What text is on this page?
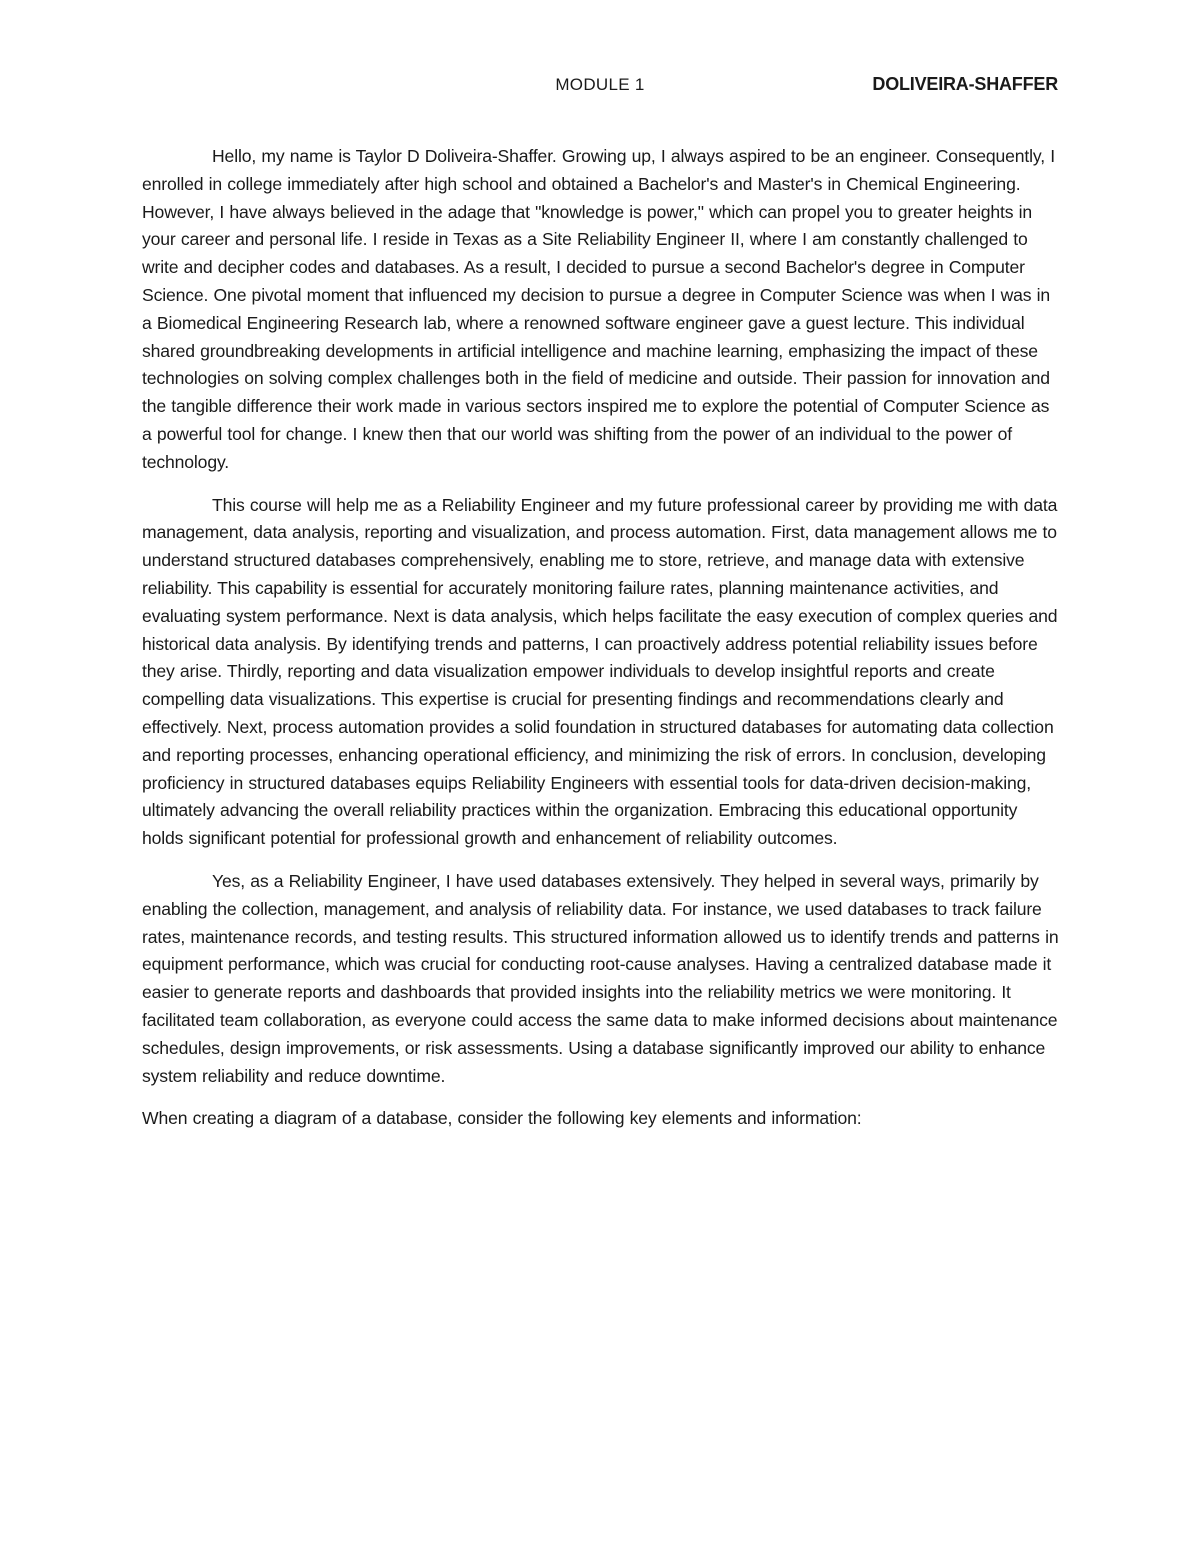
MODULE 1	DOLIVEIRA-SHAFFER

Hello, my name is Taylor D Doliveira-Shaffer. Growing up, I always aspired to be an engineer. Consequently, I enrolled in college immediately after high school and obtained a Bachelor's and Master's in Chemical Engineering. However, I have always believed in the adage that "knowledge is power," which can propel you to greater heights in your career and personal life. I reside in Texas as a Site Reliability Engineer II, where I am constantly challenged to write and decipher codes and databases. As a result, I decided to pursue a second Bachelor's degree in Computer Science. One pivotal moment that influenced my decision to pursue a degree in Computer Science was when I was in a Biomedical Engineering Research lab, where a renowned software engineer gave a guest lecture. This individual shared groundbreaking developments in artificial intelligence and machine learning, emphasizing the impact of these technologies on solving complex challenges both in the field of medicine and outside. Their passion for innovation and the tangible difference their work made in various sectors inspired me to explore the potential of Computer Science as a powerful tool for change. I knew then that our world was shifting from the power of an individual to the power of technology.

This course will help me as a Reliability Engineer and my future professional career by providing me with data management, data analysis, reporting and visualization, and process automation. First, data management allows me to understand structured databases comprehensively, enabling me to store, retrieve, and manage data with extensive reliability. This capability is essential for accurately monitoring failure rates, planning maintenance activities, and evaluating system performance. Next is data analysis, which helps facilitate the easy execution of complex queries and historical data analysis. By identifying trends and patterns, I can proactively address potential reliability issues before they arise. Thirdly, reporting and data visualization empower individuals to develop insightful reports and create compelling data visualizations. This expertise is crucial for presenting findings and recommendations clearly and effectively. Next, process automation provides a solid foundation in structured databases for automating data collection and reporting processes, enhancing operational efficiency, and minimizing the risk of errors. In conclusion, developing proficiency in structured databases equips Reliability Engineers with essential tools for data-driven decision-making, ultimately advancing the overall reliability practices within the organization. Embracing this educational opportunity holds significant potential for professional growth and enhancement of reliability outcomes.

Yes, as a Reliability Engineer, I have used databases extensively. They helped in several ways, primarily by enabling the collection, management, and analysis of reliability data. For instance, we used databases to track failure rates, maintenance records, and testing results. This structured information allowed us to identify trends and patterns in equipment performance, which was crucial for conducting root-cause analyses. Having a centralized database made it easier to generate reports and dashboards that provided insights into the reliability metrics we were monitoring. It facilitated team collaboration, as everyone could access the same data to make informed decisions about maintenance schedules, design improvements, or risk assessments. Using a database significantly improved our ability to enhance system reliability and reduce downtime.

When creating a diagram of a database, consider the following key elements and information:
